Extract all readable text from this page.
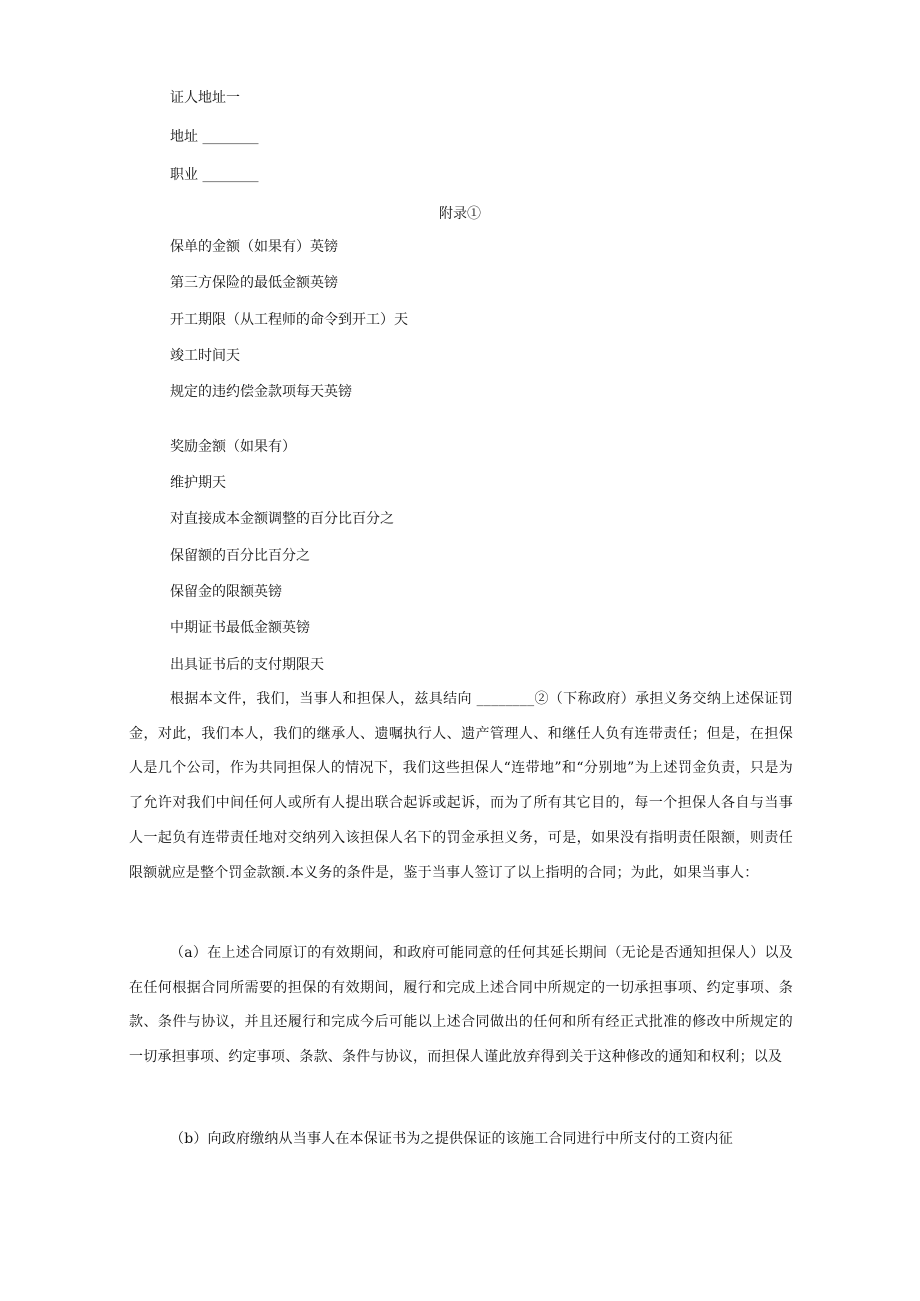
证人地址一
地址 ________
职业 ________
附录①
保单的金额（如果有）英镑
第三方保险的最低金额英镑
开工期限（从工程师的命令到开工）天
竣工时间天
规定的违约偿金款项每天英镑
奖励金额（如果有）
维护期天
对直接成本金额调整的百分比百分之
保留额的百分比百分之
保留金的限额英镑
中期证书最低金额英镑
出具证书后的支付期限天
根据本文件，我们，当事人和担保人，兹具结向 ________②（下称政府）承担义务交纳上述保证罚金，对此，我们本人，我们的继承人、遗嘱执行人、遗产管理人、和继任人负有连带责任；但是，在担保人是几个公司，作为共同担保人的情况下，我们这些担保人“连带地”和“分别地”为上述罚金负责，只是为了允许对我们中间任何人或所有人提出联合起诉或起诉，而为了所有其它目的，每一个担保人各自与当事人一起负有连带责任地对交纳列入该担保人名下的罚金承担义务，可是，如果没有指明责任限额，则责任限额就应是整个罚金款额.本义务的条件是，鉴于当事人签订了以上指明的合同；为此，如果当事人：
（a）在上述合同原订的有效期间，和政府可能同意的任何其延长期间（无论是否通知担保人）以及在任何根据合同所需要的担保的有效期间，履行和完成上述合同中所规定的一切承担事项、约定事项、条款、条件与协议，并且还履行和完成今后可能以上述合同做出的任何和所有经正式批准的修改中所规定的一切承担事项、约定事项、条款、条件与协议，而担保人谨此放弃得到关于这种修改的通知和权利；以及
（b）向政府缴纳从当事人在本保证书为之提供保证的该施工合同进行中所支付的工资内征
